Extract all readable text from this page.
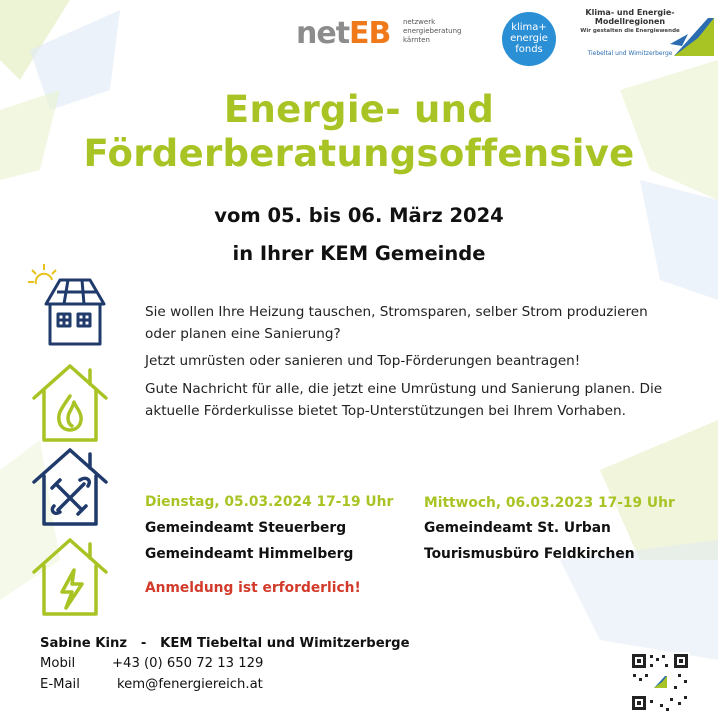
netEB netzwerk
energieberatung
kärnten
klima+
energie
fonds
Klima- und Energie-
Modellregionen
Wir gestalten die Energiewende
Tiebeltal und Wimitzerberge
Energie- und
Förderberatungsoffensive
vom 05. bis 06. März 2024
in Ihrer KEM Gemeinde
Sie wollen Ihre Heizung tauschen, Stromsparen, selber Strom produzieren oder planen eine Sanierung?
Jetzt umrüsten oder sanieren und Top-Förderungen beantragen!
Gute Nachricht für alle, die jetzt eine Umrüstung und Sanierung planen. Die aktuelle Förderkulisse bietet Top-Unterstützungen bei Ihrem Vorhaben.
Dienstag, 05.03.2024 17-19 Uhr
Gemeindeamt Steuerberg
Gemeindeamt Himmelberg
Mittwoch, 06.03.2023 17-19 Uhr
Gemeindeamt St. Urban
Tourismusbüro Feldkirchen
Anmeldung ist erforderlich!
Sabine Kinz   -   KEM Tiebeltal und Wimitzerberge
Mobil	+43 (0) 650 72 13 129
E-Mail	kem@fenergiereich.at
